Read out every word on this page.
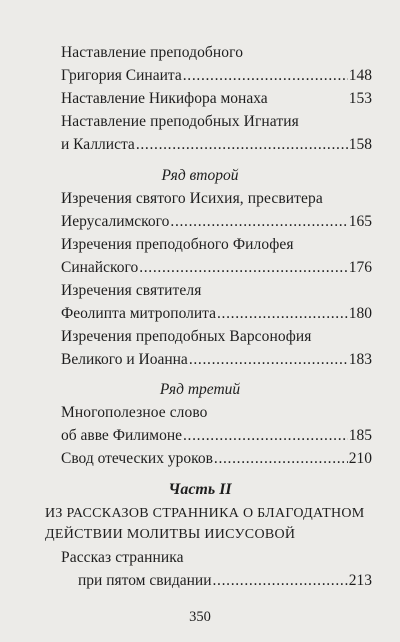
Наставление преподобного
Григория Синаита . . .	148
Наставление Никифора монаха	153
Наставление преподобных Игнатия
и Каллиста . . .	158
Ряд второй
Изречения святого Исихия, пресвитера
Иерусалимского . . .	165
Изречения преподобного Филофея
Синайского . . .	176
Изречения святителя
Феолипта митрополита . . .	180
Изречения преподобных Варсонофия
Великого и Иоанна . . .	183
Ряд третий
Многополезное слово
об авве Филимоне . . .	185
Свод отеческих уроков . . .	210
Часть II
ИЗ РАССКАЗОВ СТРАННИКА О БЛАГОДАТНОМ
ДЕЙСТВИИ МОЛИТВЫ ИИСУСОВОЙ
Рассказ странника
при пятом свидании . . .	213
350
